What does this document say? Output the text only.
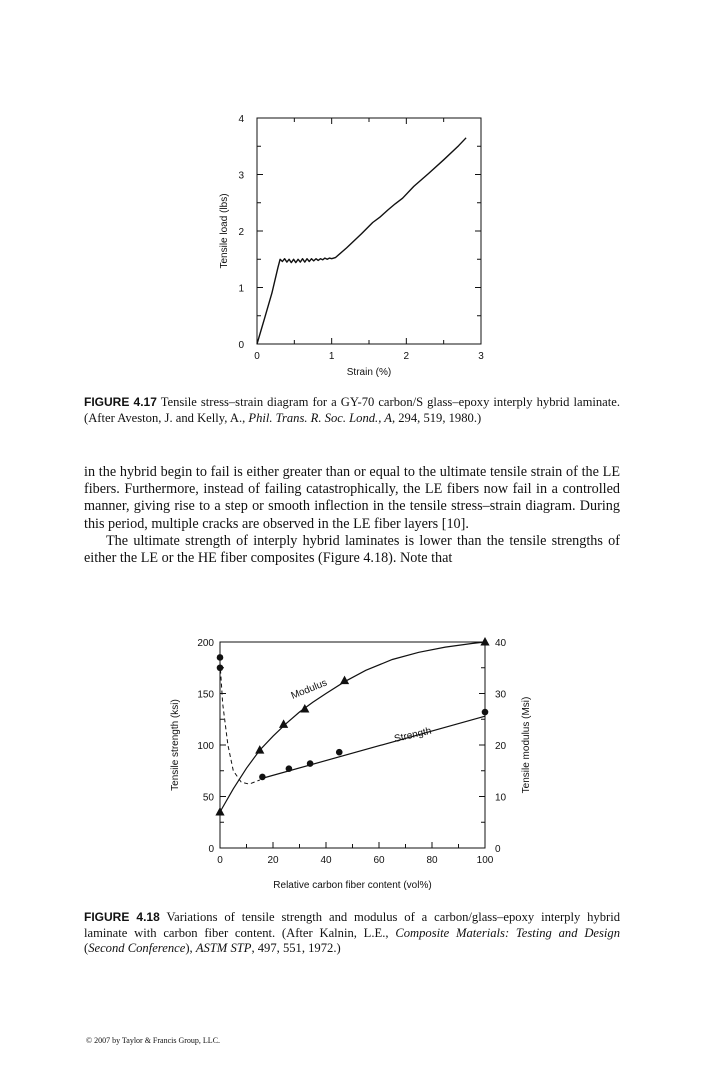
0	1	2	3
0
1
2
3
4
Strain (%)
Tensile load (lbs)
FIGURE 4.17 Tensile stress–strain diagram for a GY-70 carbon/S glass–epoxy interply hybrid laminate. (After Aveston, J. and Kelly, A., Phil. Trans. R. Soc. Lond., A, 294, 519, 1980.)

in the hybrid begin to fail is either greater than or equal to the ultimate tensile strain of the LE fibers. Furthermore, instead of failing catastrophically, the LE fibers now fail in a controlled manner, giving rise to a step or smooth inflection in the tensile stress–strain diagram. During this period, multiple cracks are observed in the LE fiber layers [10].

The ultimate strength of interply hybrid laminates is lower than the tensile strengths of either the LE or the HE fiber composites (Figure 4.18). Note that

0	20	40	60	80	100
0
50
100
150
200
0
10
20
30
40
Relative carbon fiber content (vol%)
Tensile strength (ksi)	Tensile modulus (Msi)
Modulus
Strength
FIGURE 4.18 Variations of tensile strength and modulus of a carbon/glass–epoxy interply hybrid laminate with carbon fiber content. (After Kalnin, L.E., Composite Materials: Testing and Design (Second Conference), ASTM STP, 497, 551, 1972.)
© 2007 by Taylor & Francis Group, LLC.
